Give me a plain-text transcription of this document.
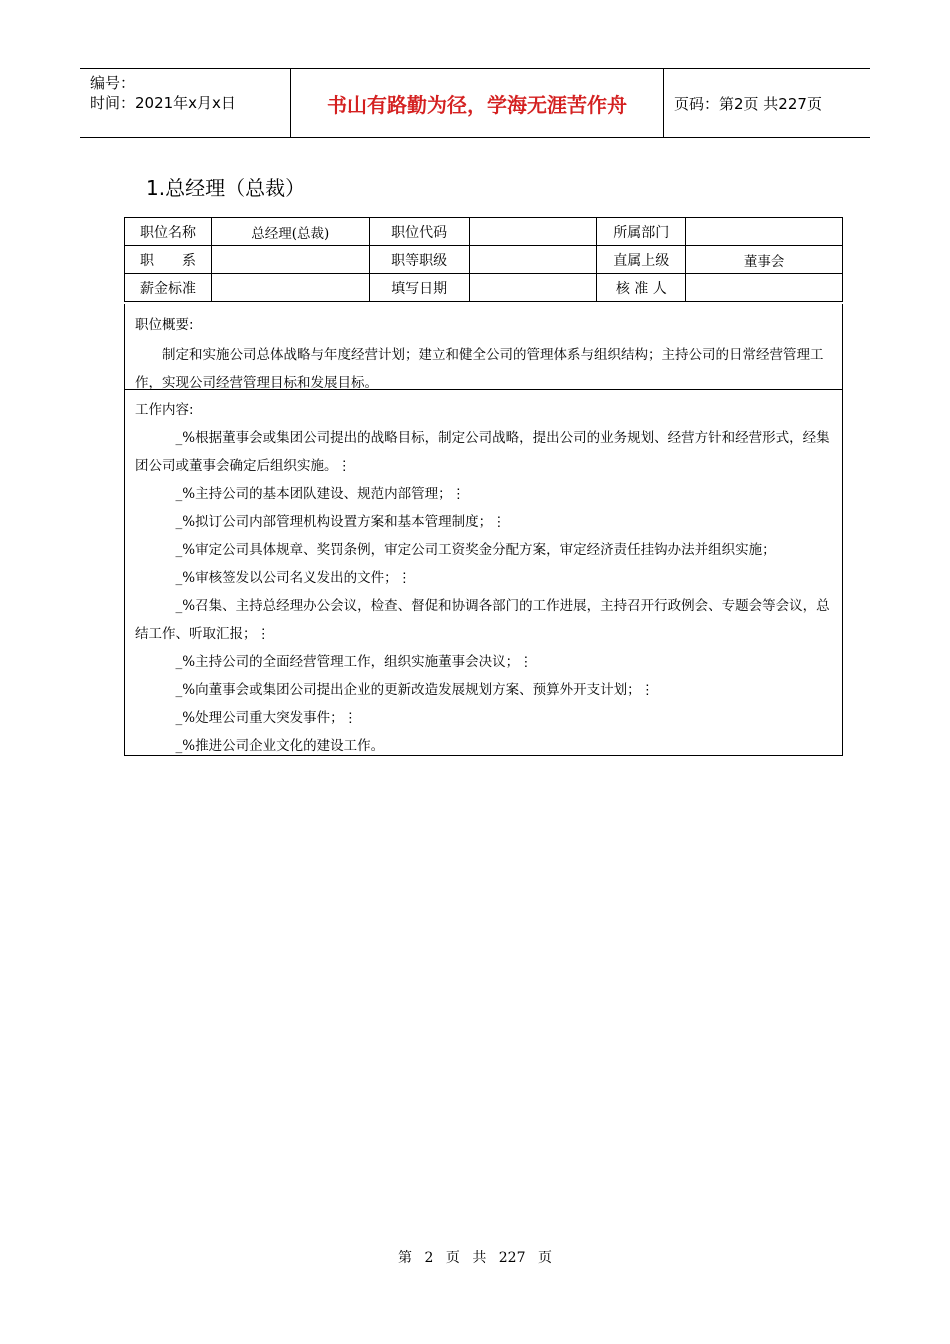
编号：
时间：2021年x月x日	书山有路勤为径，学海无涯苦作舟	页码：第2页 共227页
1.总经理（总裁）
职位名称	总经理(总裁)	职位代码		所属部门	
职　　系		职等职级		直属上级	董事会
薪金标准		填写日期		核 准 人	
职位概要:
制定和实施公司总体战略与年度经营计划；建立和健全公司的管理体系与组织结构；主持公司的日常经营管理工作，实现公司经营管理目标和发展目标。
工作内容:
_%根据董事会或集团公司提出的战略目标，制定公司战略，提出公司的业务规划、经营方针和经营形式，经集团公司或董事会确定后组织实施。⋮
_%主持公司的基本团队建设、规范内部管理；⋮
_%拟订公司内部管理机构设置方案和基本管理制度；⋮
_%审定公司具体规章、奖罚条例，审定公司工资奖金分配方案，审定经济责任挂钩办法并组织实施；
_%审核签发以公司名义发出的文件；⋮
_%召集、主持总经理办公会议，检查、督促和协调各部门的工作进展，主持召开行政例会、专题会等会议，总结工作、听取汇报；⋮
_%主持公司的全面经营管理工作，组织实施董事会决议；⋮
_%向董事会或集团公司提出企业的更新改造发展规划方案、预算外开支计划；⋮
_%处理公司重大突发事件；⋮
_%推进公司企业文化的建设工作。
第 2 页 共 227 页
